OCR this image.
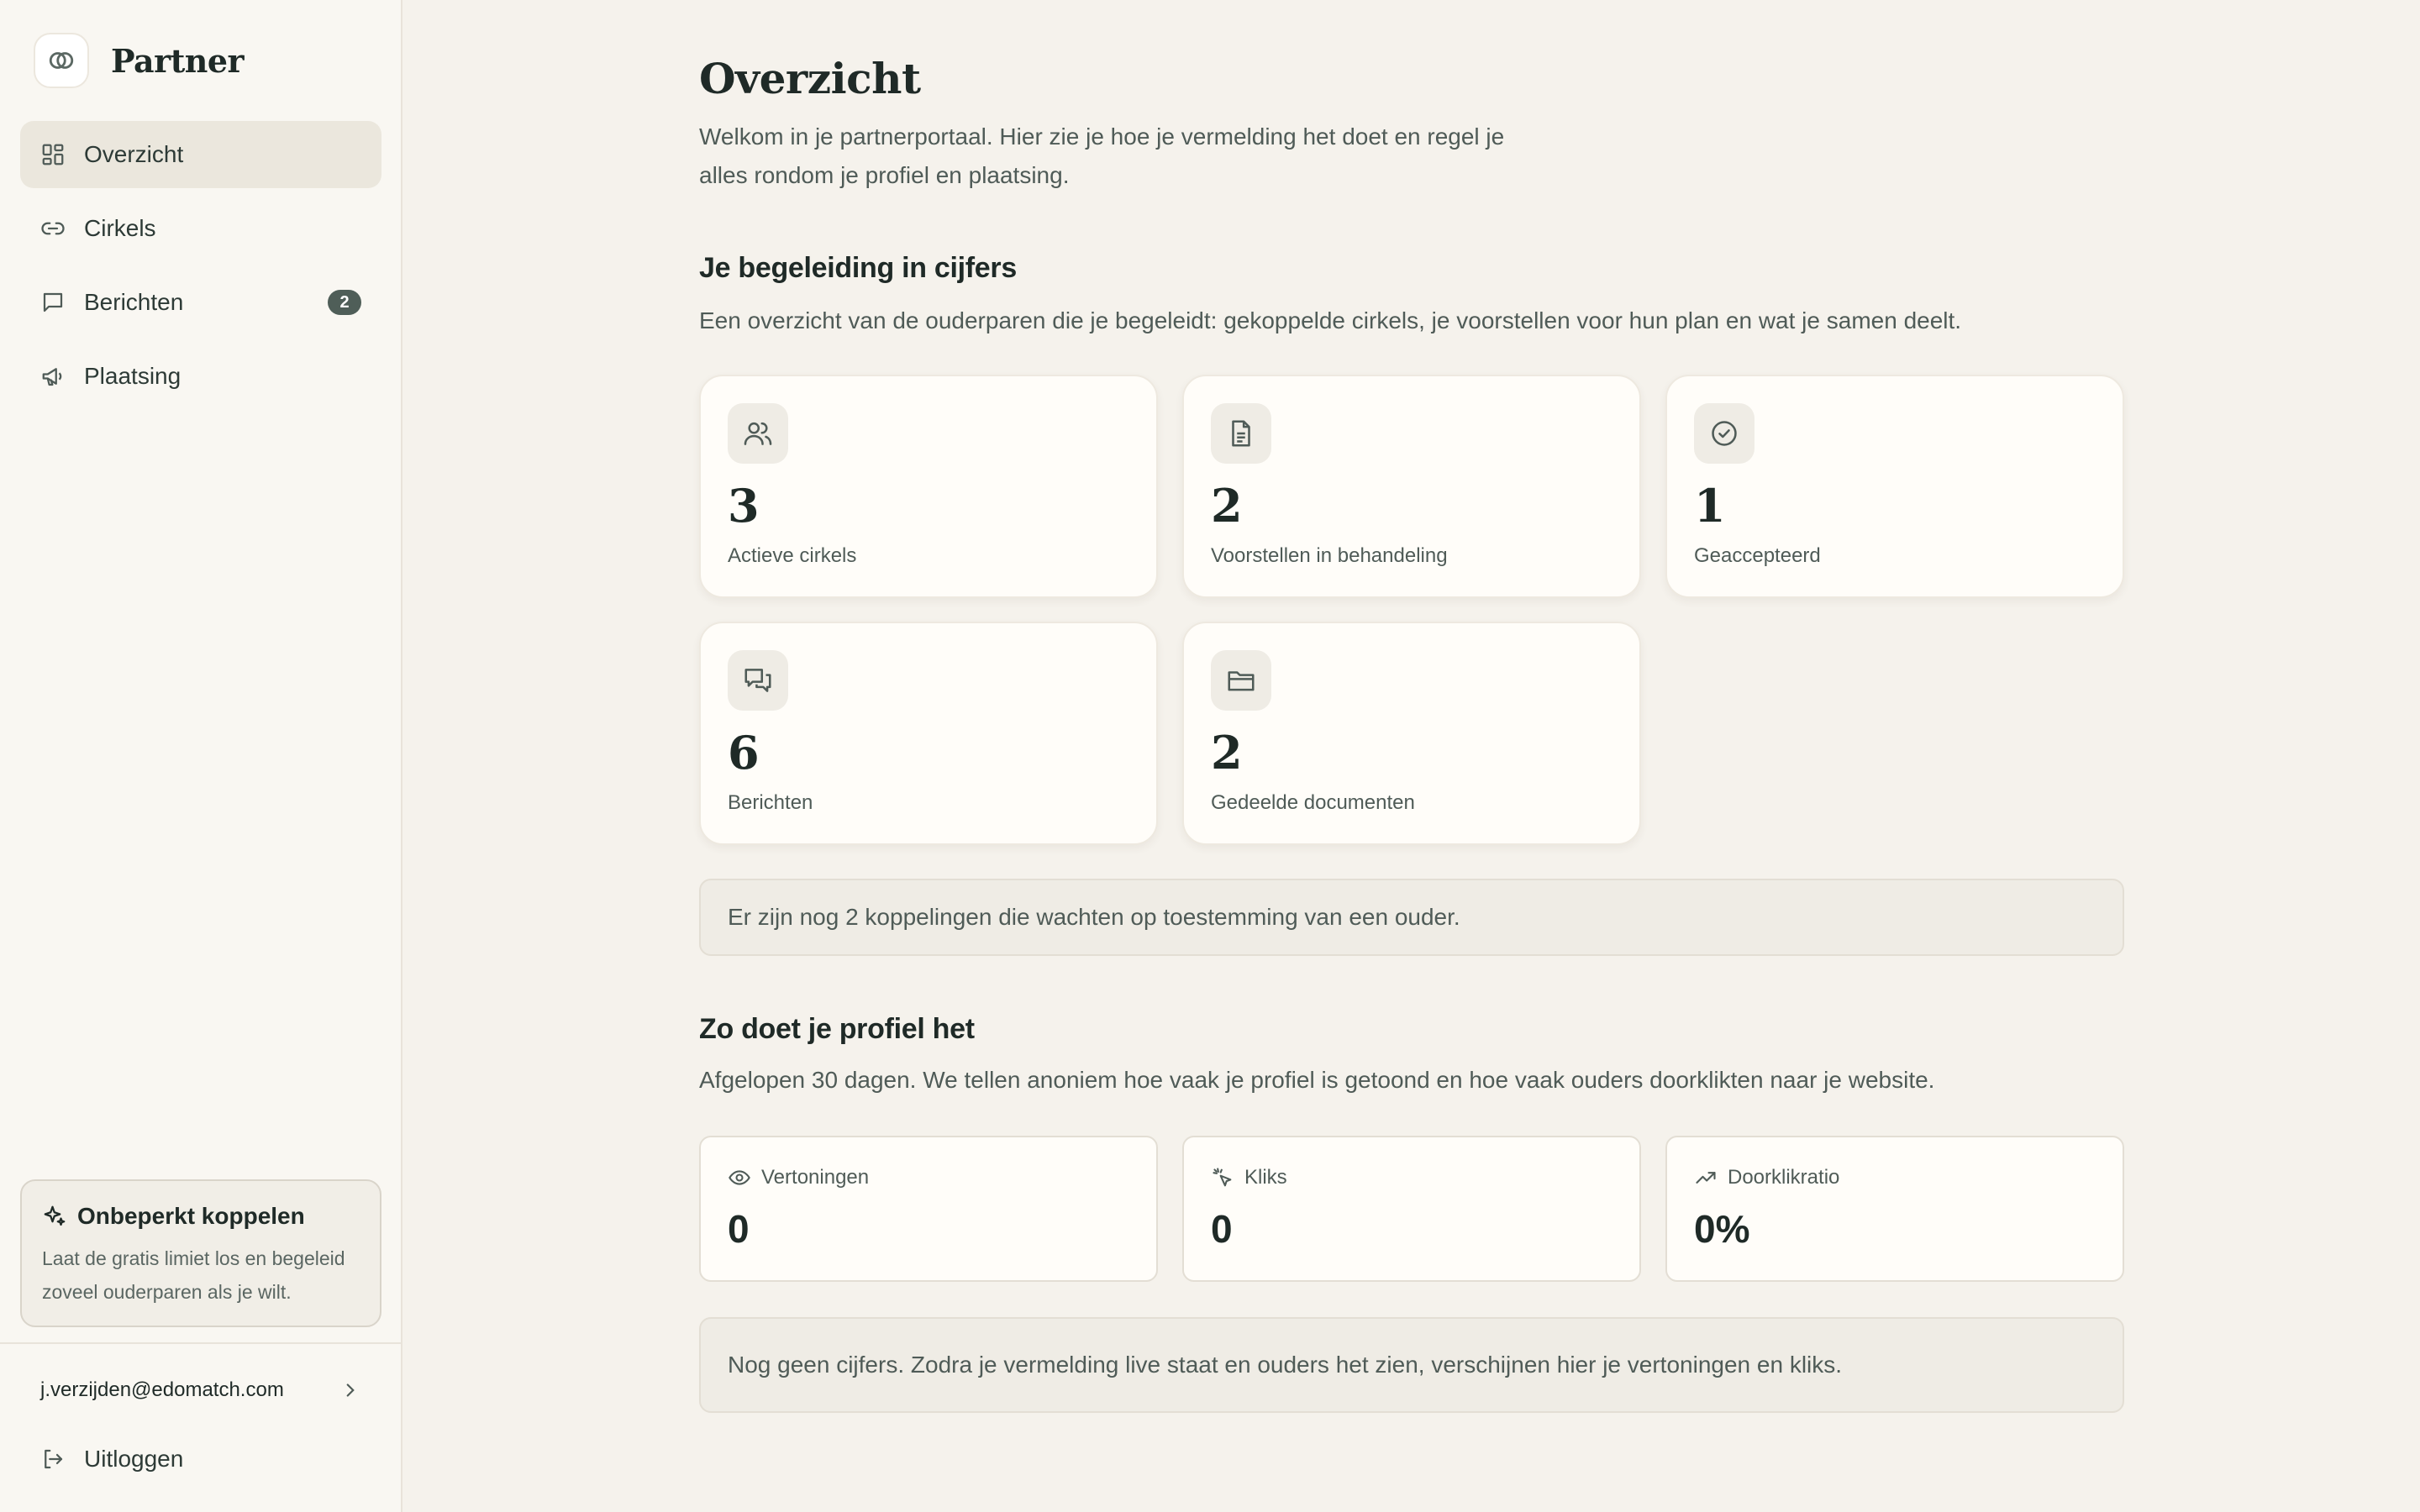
Partner
Overzicht
Cirkels
Berichten	2
Plaatsing
Onbeperkt koppelen
Laat de gratis limiet los en begeleid zoveel ouderparen als je wilt.
j.verzijden@edomatch.com
Uitloggen
Overzicht

Welkom in je partnerportaal. Hier zie je hoe je vermelding het doet en regel je alles rondom je profiel en plaatsing.

Je begeleiding in cijfers

Een overzicht van de ouderparen die je begeleidt: gekoppelde cirkels, je voorstellen voor hun plan en wat je samen deelt.

3
Actieve cirkels
2
Voorstellen in behandeling
1
Geaccepteerd
6
Berichten
2
Gedeelde documenten
Er zijn nog 2 koppelingen die wachten op toestemming van een ouder.
Zo doet je profiel het

Afgelopen 30 dagen. We tellen anoniem hoe vaak je profiel is getoond en hoe vaak ouders doorklikten naar je website.

Vertoningen
0
Kliks
0
Doorklikratio
0%
Nog geen cijfers. Zodra je vermelding live staat en ouders het zien, verschijnen hier je vertoningen en kliks.
